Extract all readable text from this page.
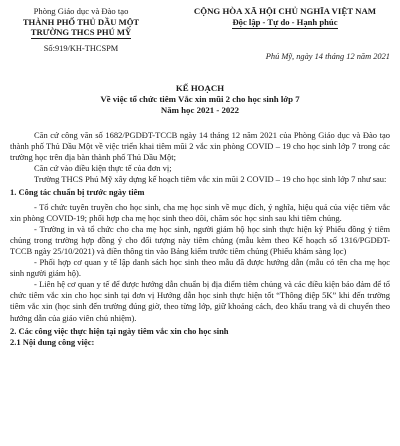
Phòng Giáo dục và Đào tạo
THÀNH PHỐ THỦ DẦU MỘT
TRƯỜNG THCS PHÚ MỸ
Số:919/KH-THCSPM
CỘNG HÒA XÃ HỘI CHỦ NGHĨA VIỆT NAM
Độc lập - Tự do - Hạnh phúc
Phú Mỹ, ngày 14 tháng 12 năm 2021
KẾ HOẠCH
Về việc tổ chức tiêm Vắc xin mũi 2 cho học sinh lớp 7
Năm học 2021 - 2022

Căn cứ công văn số 1682/PGDĐT-TCCB ngày 14 tháng 12 năm 2021 của Phòng Giáo dục và Đào tạo thành phố Thủ Dầu Một về việc triển khai tiêm mũi 2 vắc xin phòng COVID – 19 cho học sinh lớp 7 trong các trường học trên địa bàn thành phố Thủ Dầu Một;

Căn cứ vào điều kiện thực tế của đơn vị;

Trường THCS Phú Mỹ xây dựng kế hoạch tiêm vắc xin mũi 2 COVID – 19 cho học sinh lớp 7 như sau:

1. Công tác chuẩn bị trước ngày tiêm

- Tổ chức tuyên truyền cho học sinh, cha mẹ học sinh về mục đích, ý nghĩa, hiệu quả của việc tiêm vắc xin phòng COVID-19; phối hợp cha mẹ học sinh theo dõi, chăm sóc học sinh sau khi tiêm chủng.

- Trường in và tổ chức cho cha mẹ học sinh, người giám hộ học sinh thực hiện ký Phiếu đồng ý tiêm chủng trong trường hợp đồng ý cho đối tượng này tiêm chủng (mẫu kèm theo Kế hoạch số 1316/PGDĐT-TCCB ngày 25/10/2021) và điền thông tin vào Bảng kiểm trước tiêm chủng (Phiếu khám sàng lọc)

- Phối hợp cơ quan y tế lập danh sách học sinh theo mẫu đã được hướng dẫn (mẫu có tên cha mẹ học sinh người giám hộ).

- Liên hệ cơ quan y tế để được hướng dẫn chuẩn bị địa điểm tiêm chủng và các điều kiện bảo đảm để tổ chức tiêm vắc xin cho học sinh tại đơn vị Hướng dẫn học sinh thực hiện tốt “Thông điệp 5K” khi đến trường tiêm vắc xin (học sinh đến trường đúng giờ, theo từng lớp, giữ khoảng cách, đeo khẩu trang và di chuyển theo hướng dẫn của giáo viên chủ nhiệm).

2. Các công việc thực hiện tại ngày tiêm vắc xin cho học sinh

2.1 Nội dung công việc:
